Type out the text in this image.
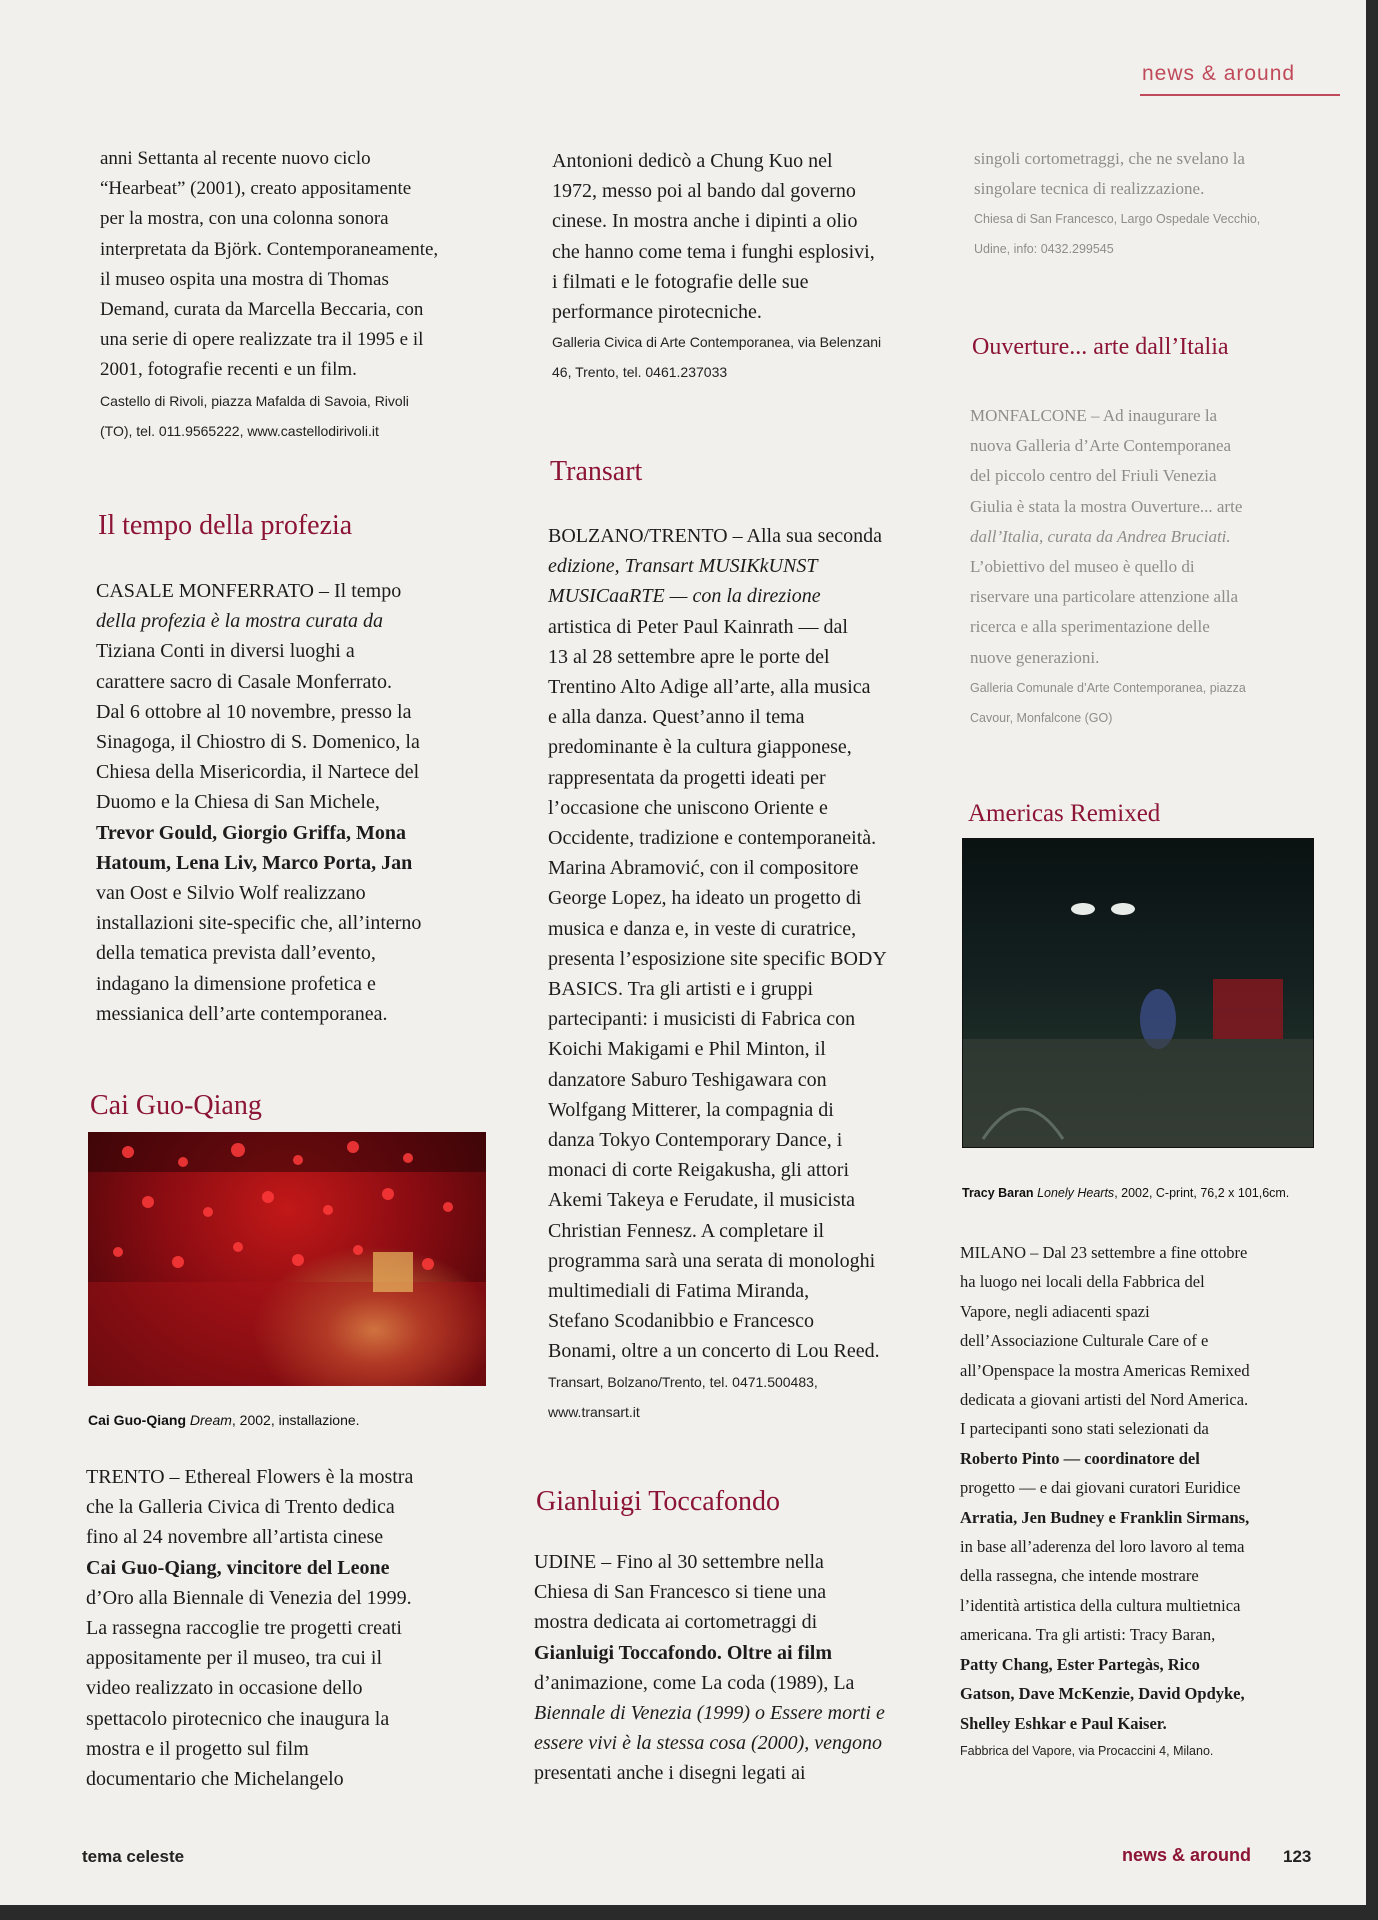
news & around

anni Settanta al recente nuovo ciclo
“Hearbeat” (2001), creato appositamente
per la mostra, con una colonna sonora
interpretata da Björk. Contemporaneamente,
il museo ospita una mostra di Thomas
Demand, curata da Marcella Beccaria, con
una serie di opere realizzate tra il 1995 e il
2001, fotografie recenti e un film.

Castello di Rivoli, piazza Mafalda di Savoia, Rivoli
(TO), tel. 011.9565222, www.castellodirivoli.it

Il tempo della profezia

CASALE MONFERRATO – Il tempo
della profezia è la mostra curata da
Tiziana Conti in diversi luoghi a
carattere sacro di Casale Monferrato.
Dal 6 ottobre al 10 novembre, presso la
Sinagoga, il Chiostro di S. Domenico, la
Chiesa della Misericordia, il Nartece del
Duomo e la Chiesa di San Michele,
Trevor Gould, Giorgio Griffa, Mona
Hatoum, Lena Liv, Marco Porta, Jan
van Oost e Silvio Wolf realizzano
installazioni site-specific che, all’interno
della tematica prevista dall’evento,
indagano la dimensione profetica e
messianica dell’arte contemporanea.

Cai Guo-Qiang

Cai Guo-Qiang Dream, 2002, installazione.

TRENTO – Ethereal Flowers è la mostra
che la Galleria Civica di Trento dedica
fino al 24 novembre all’artista cinese
Cai Guo-Qiang, vincitore del Leone
d’Oro alla Biennale di Venezia del 1999.
La rassegna raccoglie tre progetti creati
appositamente per il museo, tra cui il
video realizzato in occasione dello
spettacolo pirotecnico che inaugura la
mostra e il progetto sul film
documentario che Michelangelo

Antonioni dedicò a Chung Kuo nel
1972, messo poi al bando dal governo
cinese. In mostra anche i dipinti a olio
che hanno come tema i funghi esplosivi,
i filmati e le fotografie delle sue
performance pirotecniche.

Galleria Civica di Arte Contemporanea, via Belenzani
46, Trento, tel. 0461.237033

Transart

BOLZANO/TRENTO – Alla sua seconda
edizione, Transart MUSIKkUNST
MUSICaaRTE — con la direzione
artistica di Peter Paul Kainrath — dal
13 al 28 settembre apre le porte del
Trentino Alto Adige all’arte, alla musica
e alla danza. Quest’anno il tema
predominante è la cultura giapponese,
rappresentata da progetti ideati per
l’occasione che uniscono Oriente e
Occidente, tradizione e contemporaneità.
Marina Abramović, con il compositore
George Lopez, ha ideato un progetto di
musica e danza e, in veste di curatrice,
presenta l’esposizione site specific BODY
BASICS. Tra gli artisti e i gruppi
partecipanti: i musicisti di Fabrica con
Koichi Makigami e Phil Minton, il
danzatore Saburo Teshigawara con
Wolfgang Mitterer, la compagnia di
danza Tokyo Contemporary Dance, i
monaci di corte Reigakusha, gli attori
Akemi Takeya e Ferudate, il musicista
Christian Fennesz. A completare il
programma sarà una serata di monologhi
multimediali di Fatima Miranda,
Stefano Scodanibbio e Francesco
Bonami, oltre a un concerto di Lou Reed.

Transart, Bolzano/Trento, tel. 0471.500483,
www.transart.it

Gianluigi Toccafondo

UDINE – Fino al 30 settembre nella
Chiesa di San Francesco si tiene una
mostra dedicata ai cortometraggi di
Gianluigi Toccafondo. Oltre ai film
d’animazione, come La coda (1989), La
Biennale di Venezia (1999) o Essere morti e
essere vivi è la stessa cosa (2000), vengono
presentati anche i disegni legati ai

singoli cortometraggi, che ne svelano la
singolare tecnica di realizzazione.

Chiesa di San Francesco, Largo Ospedale Vecchio,
Udine, info: 0432.299545

Ouverture... arte dall’Italia

MONFALCONE – Ad inaugurare la
nuova Galleria d’Arte Contemporanea
del piccolo centro del Friuli Venezia
Giulia è stata la mostra Ouverture... arte
dall’Italia, curata da Andrea Bruciati.
L’obiettivo del museo è quello di
riservare una particolare attenzione alla
ricerca e alla sperimentazione delle
nuove generazioni.

Galleria Comunale d’Arte Contemporanea, piazza
Cavour, Monfalcone (GO)

Americas Remixed

Tracy Baran Lonely Hearts, 2002, C-print, 76,2 x 101,6cm.

MILANO – Dal 23 settembre a fine ottobre
ha luogo nei locali della Fabbrica del
Vapore, negli adiacenti spazi
dell’Associazione Culturale Care of e
all’Openspace la mostra Americas Remixed
dedicata a giovani artisti del Nord America.
I partecipanti sono stati selezionati da
Roberto Pinto — coordinatore del
progetto — e dai giovani curatori Euridice
Arratia, Jen Budney e Franklin Sirmans,
in base all’aderenza del loro lavoro al tema
della rassegna, che intende mostrare
l’identità artistica della cultura multietnica
americana. Tra gli artisti: Tracy Baran,
Patty Chang, Ester Partegàs, Rico
Gatson, Dave McKenzie, David Opdyke,
Shelley Eshkar e Paul Kaiser.

Fabbrica del Vapore, via Procaccini 4, Milano.

tema celeste	news & around 123
